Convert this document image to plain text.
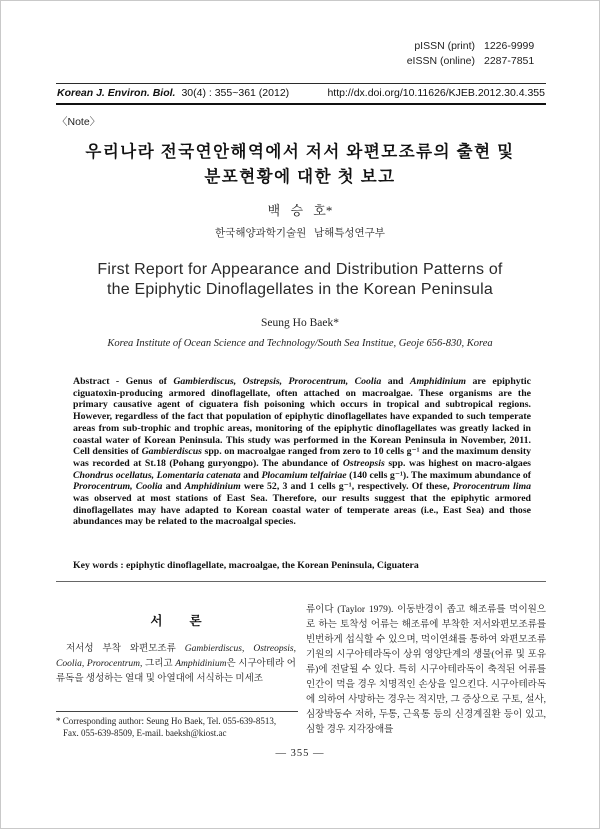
pISSN (print) 1226-9999
eISSN (online) 2287-7851
Korean J. Environ. Biol. 30(4) : 355~361 (2012)	http://dx.doi.org/10.11626/KJEB.2012.30.4.355
〈Note〉
우리나라 전국연안해역에서 저서 와편모조류의 출현 및
분포현황에 대한 첫 보고
백 승 호*
한국해양과학기술원 남해특성연구부
First Report for Appearance and Distribution Patterns of
the Epiphytic Dinoflagellates in the Korean Peninsula
Seung Ho Baek*
Korea Institute of Ocean Science and Technology/South Sea Institue, Geoje 656-830, Korea
Abstract - Genus of Gambierdiscus, Ostrepsis, Prorocentrum, Coolia and Amphidinium are epiphytic ciguatoxin-producing armored dinoflagellate, often attached on macroalgae. These organisms are the primary causative agent of ciguatera fish poisoning which occurs in tropical and subtropical regions. However, regardless of the fact that population of epiphytic dinoflagellates have expanded to such temperate areas from sub-trophic and trophic areas, monitoring of the epiphytic dinoflagellates was greatly lacked in coastal water of Korean Peninsula. This study was performed in the Korean Peninsula in November, 2011. Cell densities of Gambierdiscus spp. on macroalgae ranged from zero to 10 cells g⁻¹ and the maximum density was recorded at St.18 (Pohang guryongpo). The abundance of Ostreopsis spp. was highest on macro-algaes Chondrus ocellatus, Lomentaria catenata and Plocamium telfairiae (140 cells g⁻¹). The maximum abundance of Prorocentrum, Coolia and Amphidinium were 52, 3 and 1 cells g⁻¹, respectively. Of these, Prorocentrum lima was observed at most stations of East Sea. Therefore, our results suggest that the epiphytic armored dinoflagellates may have adapted to Korean coastal water of temperate areas (i.e., East Sea) and those abundances may be related to the macroalgal species.
Key words : epiphytic dinoflagellate, macroalgae, the Korean Peninsula, Ciguatera
서 론
저서성 부착 와편모조류 Gambierdiscus, Ostreopsis, Coolia, Prorocentrum, 그리고 Amphidinium은 시구아테라 어류독을 생성하는 열대 및 아열대에 서식하는 미세조
류이다 (Taylor 1979). 이동반경이 좁고 해조류를 먹이원으로 하는 토착성 어류는 해조류에 부착한 저서와편모조류를 빈번하게 섭식할 수 있으며, 먹이연쇄를 통하여 와편모조류기원의 시구아테라독이 상위 영양단계의 생물(어류 및 포유류)에 전달될 수 있다. 특히 시구아테라독이 축적된 어류를 인간이 먹을 경우 치명적인 손상을 일으킨다. 시구아테라독에 의하여 사망하는 경우는 적지만, 그 증상으로 구토, 설사, 심장박동수 저하, 두통, 근육통 등의 신경계질환 등이 있고, 심할 경우 지각장애를
* Corresponding author: Seung Ho Baek, Tel. 055-639-8513,
Fax. 055-639-8509, E-mail. baeksh@kiost.ac
— 355 —
